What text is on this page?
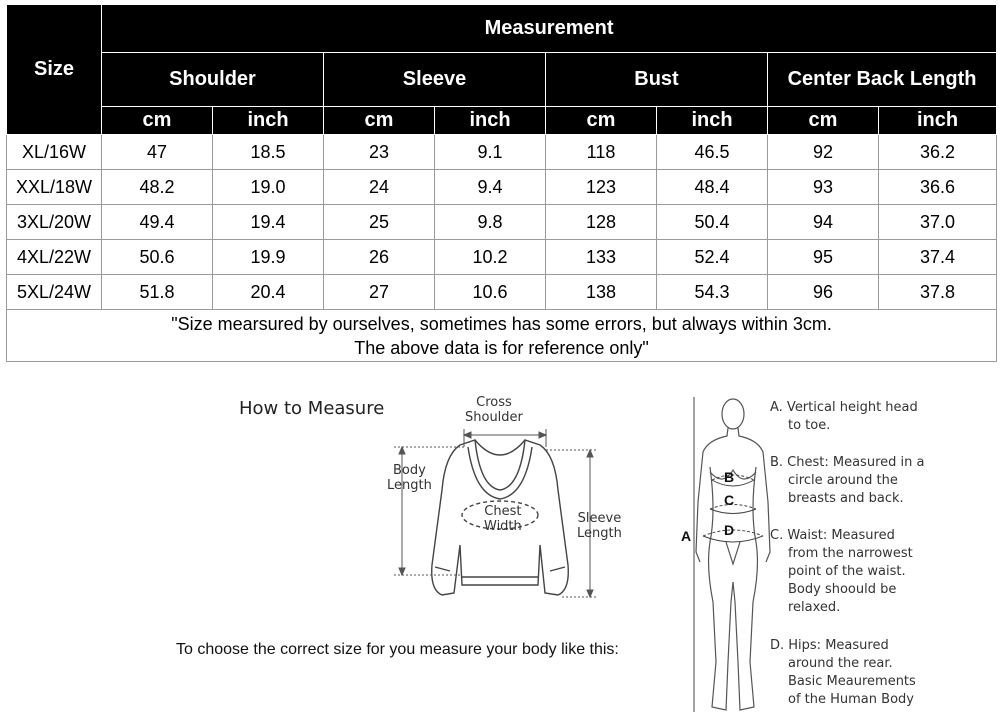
Size	Measurement							
	Shoulder		Sleeve		Bust		Center Back Length	
	cm	inch	cm	inch	cm	inch	cm	inch
XL/16W	47	18.5	23	9.1	118	46.5	92	36.2
XXL/18W	48.2	19.0	24	9.4	123	48.4	93	36.6
3XL/20W	49.4	19.4	25	9.8	128	50.4	94	37.0
4XL/22W	50.6	19.9	26	10.2	133	52.4	95	37.4
5XL/24W	51.8	20.4	27	10.6	138	54.3	96	37.8
"Size mearsured by ourselves, sometimes has some errors, but always within 3cm.
The above data is for reference only"								
How to Measure	Cross
Shoulder
Body
Length
Chest
Width
Sleeve
Length
To choose the correct size for you measure your body like this:
A
B
C
D
A. Vertical height head
to toe.
B. Chest: Measured in a
circle around the
breasts and back.
C. Waist: Measured
from the narrowest
point of the waist.
Body shoould be
relaxed.
D. Hips: Measured
around the rear.
Basic Meaurements
of the Human Body
